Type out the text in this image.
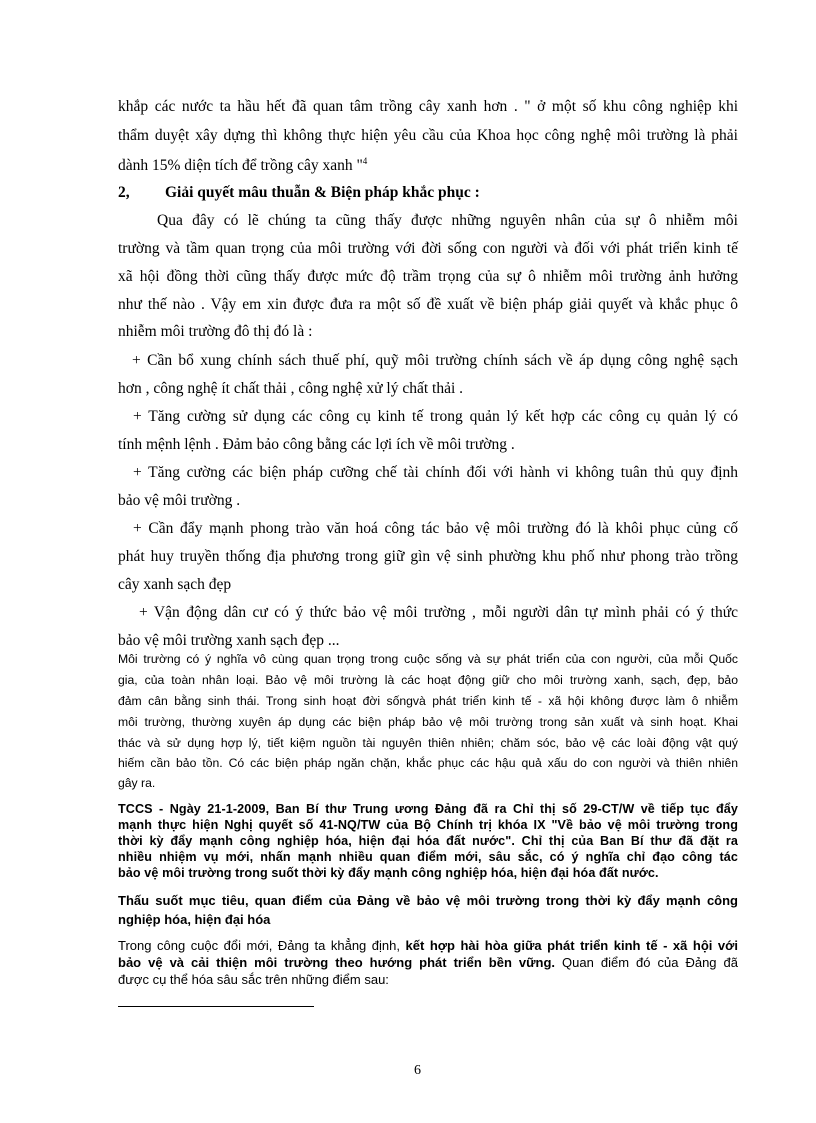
khắp các nước ta hầu hết đã quan tâm trồng cây xanh hơn . " ở một số khu công nghiệp khi
thẩm duyệt xây dựng thì không thực hiện yêu cầu của Khoa học công nghệ môi trường là phải
dành 15% diện tích để trồng cây xanh "$^4$
2, Giải quyết mâu thuẫn & Biện pháp khắc phục :
Qua đây có lẽ chúng ta cũng thấy được những nguyên nhân của sự ô nhiễm môi
trường và tầm quan trọng của môi trường với đời sống con người và đối với phát triển kinh tế
xã hội đồng thời cũng thấy được mức độ trầm trọng của sự ô nhiễm môi trường ảnh hưởng
như thế nào . Vậy em xin được đưa ra một số đề xuất về biện pháp giải quyết và khắc phục ô
nhiễm môi trường đô thị đó là :
+ Cần bổ xung chính sách thuế phí, quỹ môi trường chính sách về áp dụng công nghệ sạch
hơn , công nghệ ít chất thải , công nghệ xử lý chất thải .
+ Tăng cường sử dụng các công cụ kinh tế trong quản lý kết hợp các công cụ quản lý có
tính mệnh lệnh . Đảm bảo công bằng các lợi ích về môi trường .
+ Tăng cường các biện pháp cưỡng chế tài chính đối với hành vi không tuân thủ quy định
bảo vệ môi trường .
+ Cần đẩy mạnh phong trào văn hoá công tác bảo vệ môi trường đó là khôi phục củng cố
phát huy truyền thống địa phương trong giữ gìn vệ sinh phường khu phố như phong trào trồng
cây xanh sạch đẹp
+ Vận động dân cư có ý thức bảo vệ môi trường , mỗi người dân tự mình phải có ý thức
bảo vệ môi trường xanh sạch đẹp ...
Môi trường có ý nghĩa vô cùng quan trọng trong cuộc sống và sự phát triển của con người, của mỗi Quốc
gia, của toàn nhân loại. Bảo vệ môi trường là các hoạt động giữ cho môi trường xanh, sạch, đẹp, bảo
đảm cân bằng sinh thái. Trong sinh hoạt đời sốngvà phát triển kinh tế - xã hội không được làm ô nhiễm
môi trường, thường xuyên áp dụng các biện pháp bảo vệ môi trường trong sản xuất và sinh hoạt. Khai
thác và sử dụng hợp lý, tiết kiệm nguồn tài nguyên thiên nhiên; chăm sóc, bảo vệ các loài động vật quý
hiếm cần bảo tồn. Có các biện pháp ngăn chặn, khắc phục các hậu quả xấu do con người và thiên nhiên
gây ra.
TCCS - Ngày 21-1-2009, Ban Bí thư Trung ương Đảng đã ra Chỉ thị số 29-CT/W về tiếp tục đẩy
mạnh thực hiện Nghị quyết số 41-NQ/TW của Bộ Chính trị khóa IX "Về bảo vệ môi trường trong
thời kỳ đẩy mạnh công nghiệp hóa, hiện đại hóa đất nước". Chỉ thị của Ban Bí thư đã đặt ra
nhiều nhiệm vụ mới, nhấn mạnh nhiều quan điểm mới, sâu sắc, có ý nghĩa chỉ đạo công tác
bảo vệ môi trường trong suốt thời kỳ đẩy mạnh công nghiệp hóa, hiện đại hóa đất nước.
Thấu suốt mục tiêu, quan điểm của Đảng về bảo vệ môi trường trong thời kỳ đẩy mạnh công
nghiệp hóa, hiện đại hóa
Trong công cuộc đổi mới, Đảng ta khẳng định, kết hợp hài hòa giữa phát triển kinh tế - xã hội với
bảo vệ và cải thiện môi trường theo hướng phát triển bền vững. Quan điểm đó của Đảng đã
được cụ thể hóa sâu sắc trên những điểm sau:
6
